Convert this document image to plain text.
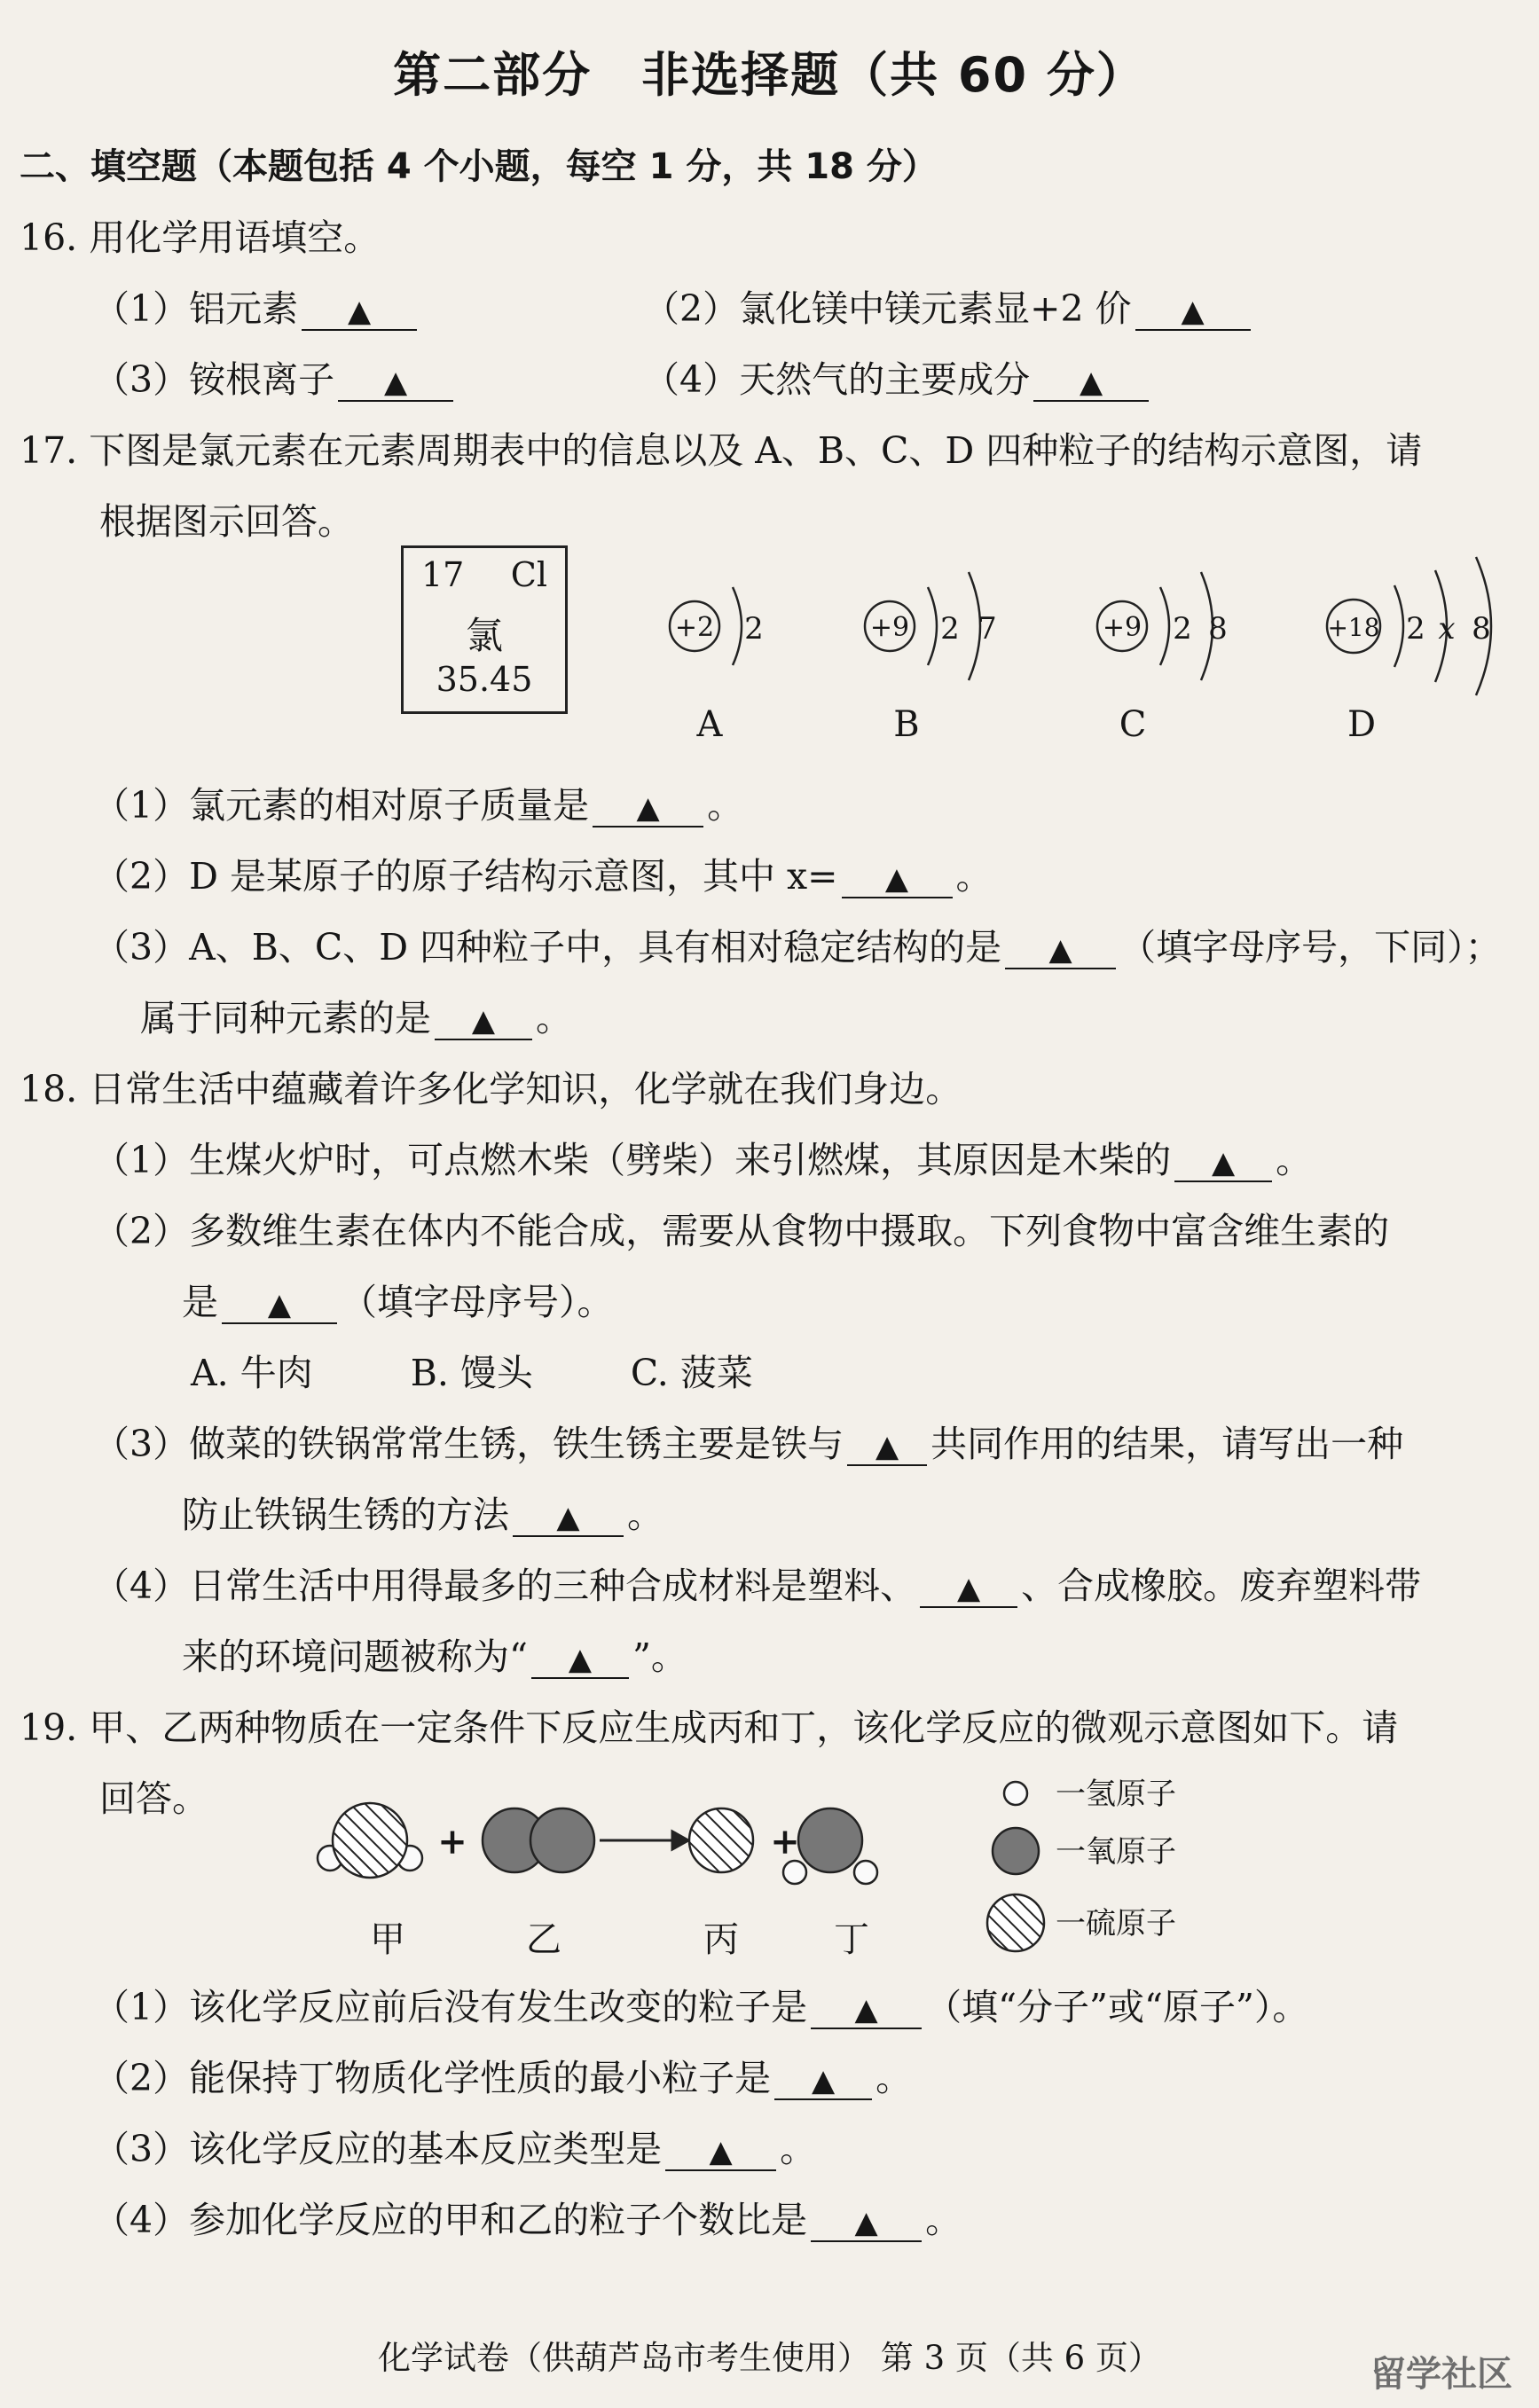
第二部分 非选择题（共 60 分）
二、填空题（本题包括 4 个小题，每空 1 分，共 18 分）
16. 用化学用语填空。
（1）铝元素 ▲	（2）氯化镁中镁元素显+2 价 ▲
（3）铵根离子 ▲	（4）天然气的主要成分 ▲
17. 下图是氯元素在元素周期表中的信息以及 A、B、C、D 四种粒子的结构示意图，请
根据图示回答。
17 Cl
氯
35.45
+2	+9	+9	+18
2	2 7	2 8	2 x 8
A	B	C	D
（1）氯元素的相对原子质量是 ▲ 。
（2）D 是某原子的原子结构示意图，其中 x= ▲ 。
（3）A、B、C、D 四种粒子中，具有相对稳定结构的是 ▲ （填字母序号，下同）；
属于同种元素的是 ▲ 。
18. 日常生活中蕴藏着许多化学知识，化学就在我们身边。
（1）生煤火炉时，可点燃木柴（劈柴）来引燃煤，其原因是木柴的 ▲ 。
（2）多数维生素在体内不能合成，需要从食物中摄取。下列食物中富含维生素的
是 ▲ （填字母序号）。
A. 牛肉	B. 馒头	C. 菠菜
（3）做菜的铁锅常常生锈，铁生锈主要是铁与 ▲ 共同作用的结果，请写出一种
防止铁锅生锈的方法 ▲ 。
（4）日常生活中用得最多的三种合成材料是塑料、 ▲ 、合成橡胶。废弃塑料带
来的环境问题被称为“ ▲ ”。
19. 甲、乙两种物质在一定条件下反应生成丙和丁，该化学反应的微观示意图如下。请
回答。
+	+
一氢原子
一氧原子
一硫原子
甲	乙	丙	丁
（1）该化学反应前后没有发生改变的粒子是 ▲ （填“分子”或“原子”）。
（2）能保持丁物质化学性质的最小粒子是 ▲ 。
（3）该化学反应的基本反应类型是 ▲ 。
（4）参加化学反应的甲和乙的粒子个数比是 ▲ 。
化学试卷（供葫芦岛市考生使用） 第 3 页（共 6 页）	留学社区
